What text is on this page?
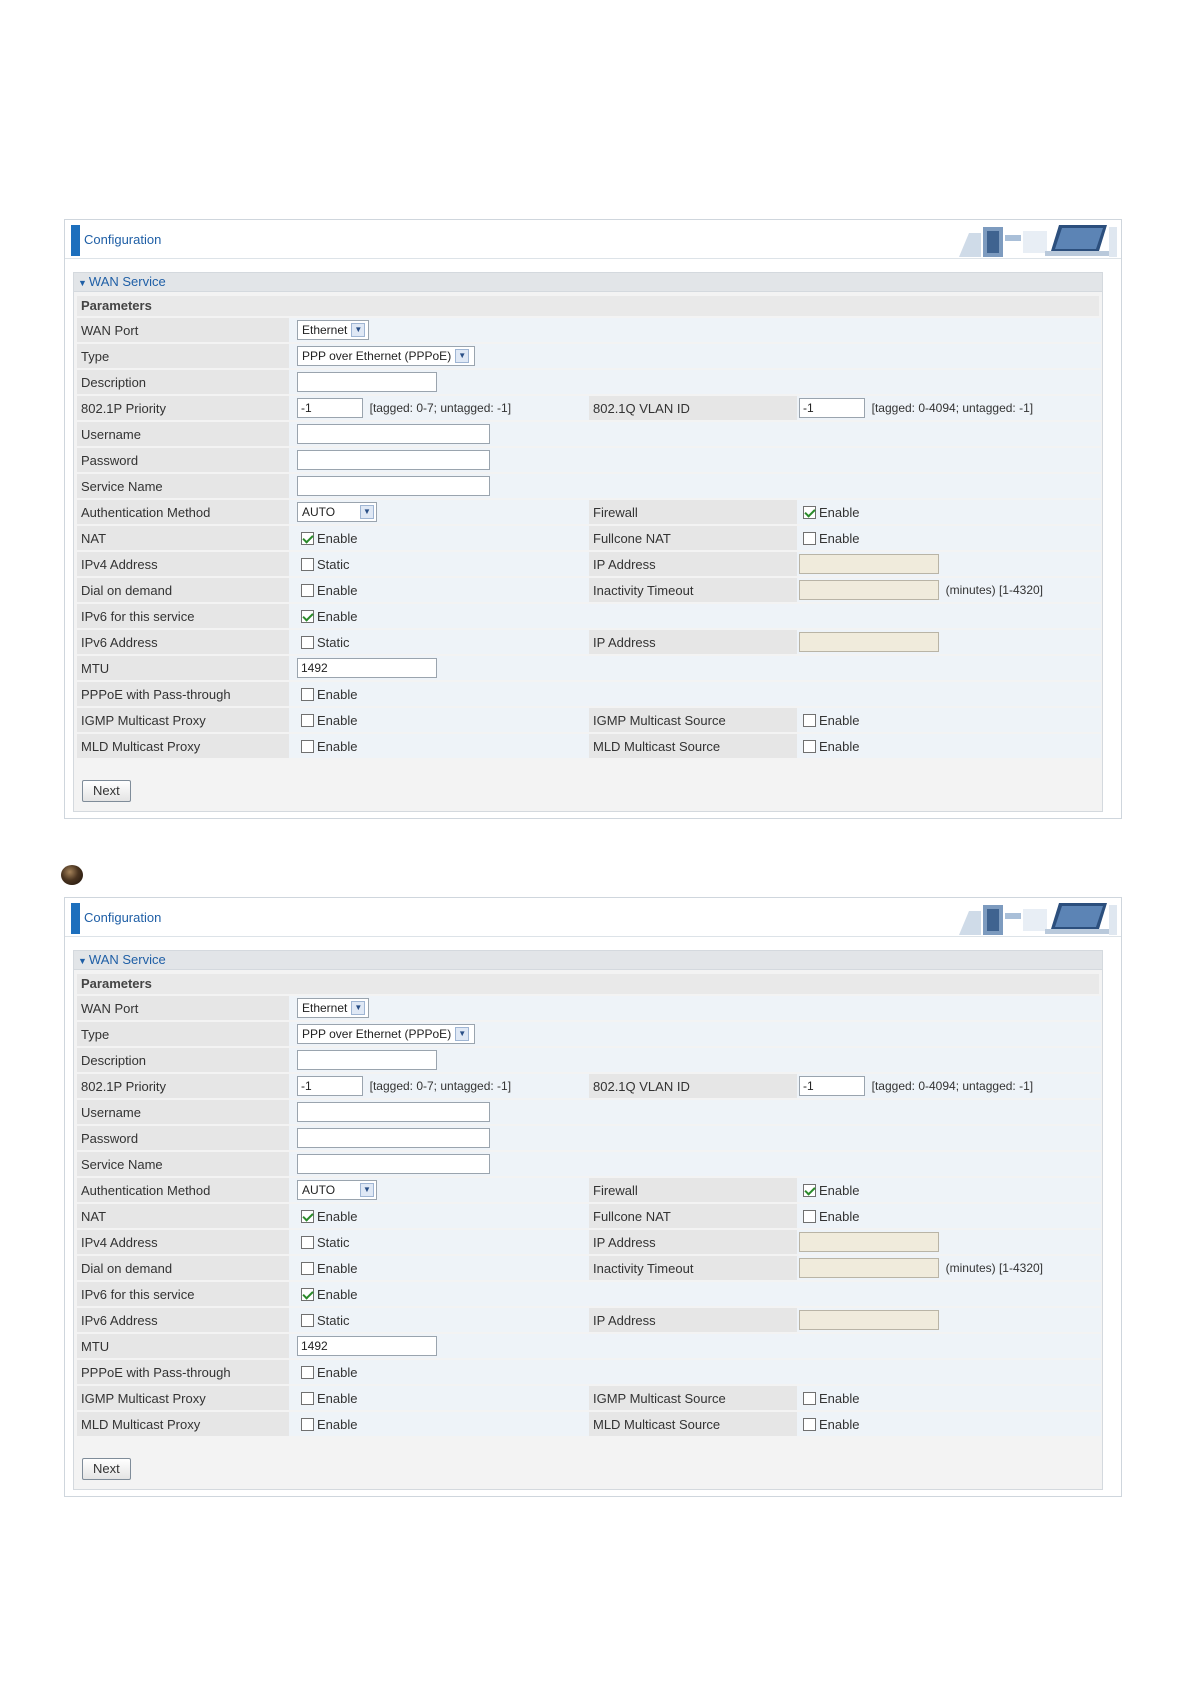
Configuration
▼ WAN Service
Parameters
WAN Port		Ethernet ▼		

Type		PPP over Ethernet (PPPoE) ▼		

Description				
802.1P Priority		-1 [tagged: 0-7; untagged: -1]	802.1Q VLAN ID	-1 [tagged: 0-4094; untagged: -1]
Username				
Password				
Service Name				
Authentication Method		AUTO ▼	Firewall	Enable
NAT		Enable	Fullcone NAT	Enable
IPv4 Address		Static	IP Address	
Dial on demand		Enable	Inactivity Timeout	(minutes) [1-4320]
IPv6 for this service		Enable		
IPv6 Address		Static	IP Address	
MTU		1492		
PPPoE with Pass-through		Enable		
IGMP Multicast Proxy		Enable	IGMP Multicast Source	Enable
MLD Multicast Proxy		Enable	MLD Multicast Source	Enable
Next
Configuration
▼ WAN Service
Parameters
WAN Port		Ethernet ▼		

Type		PPP over Ethernet (PPPoE) ▼		

Description				
802.1P Priority		-1 [tagged: 0-7; untagged: -1]	802.1Q VLAN ID	-1 [tagged: 0-4094; untagged: -1]
Username				
Password				
Service Name				
Authentication Method		AUTO ▼	Firewall	Enable
NAT		Enable	Fullcone NAT	Enable
IPv4 Address		Static	IP Address	
Dial on demand		Enable	Inactivity Timeout	(minutes) [1-4320]
IPv6 for this service		Enable		
IPv6 Address		Static	IP Address	
MTU		1492		
PPPoE with Pass-through		Enable		
IGMP Multicast Proxy		Enable	IGMP Multicast Source	Enable
MLD Multicast Proxy		Enable	MLD Multicast Source	Enable
Next
